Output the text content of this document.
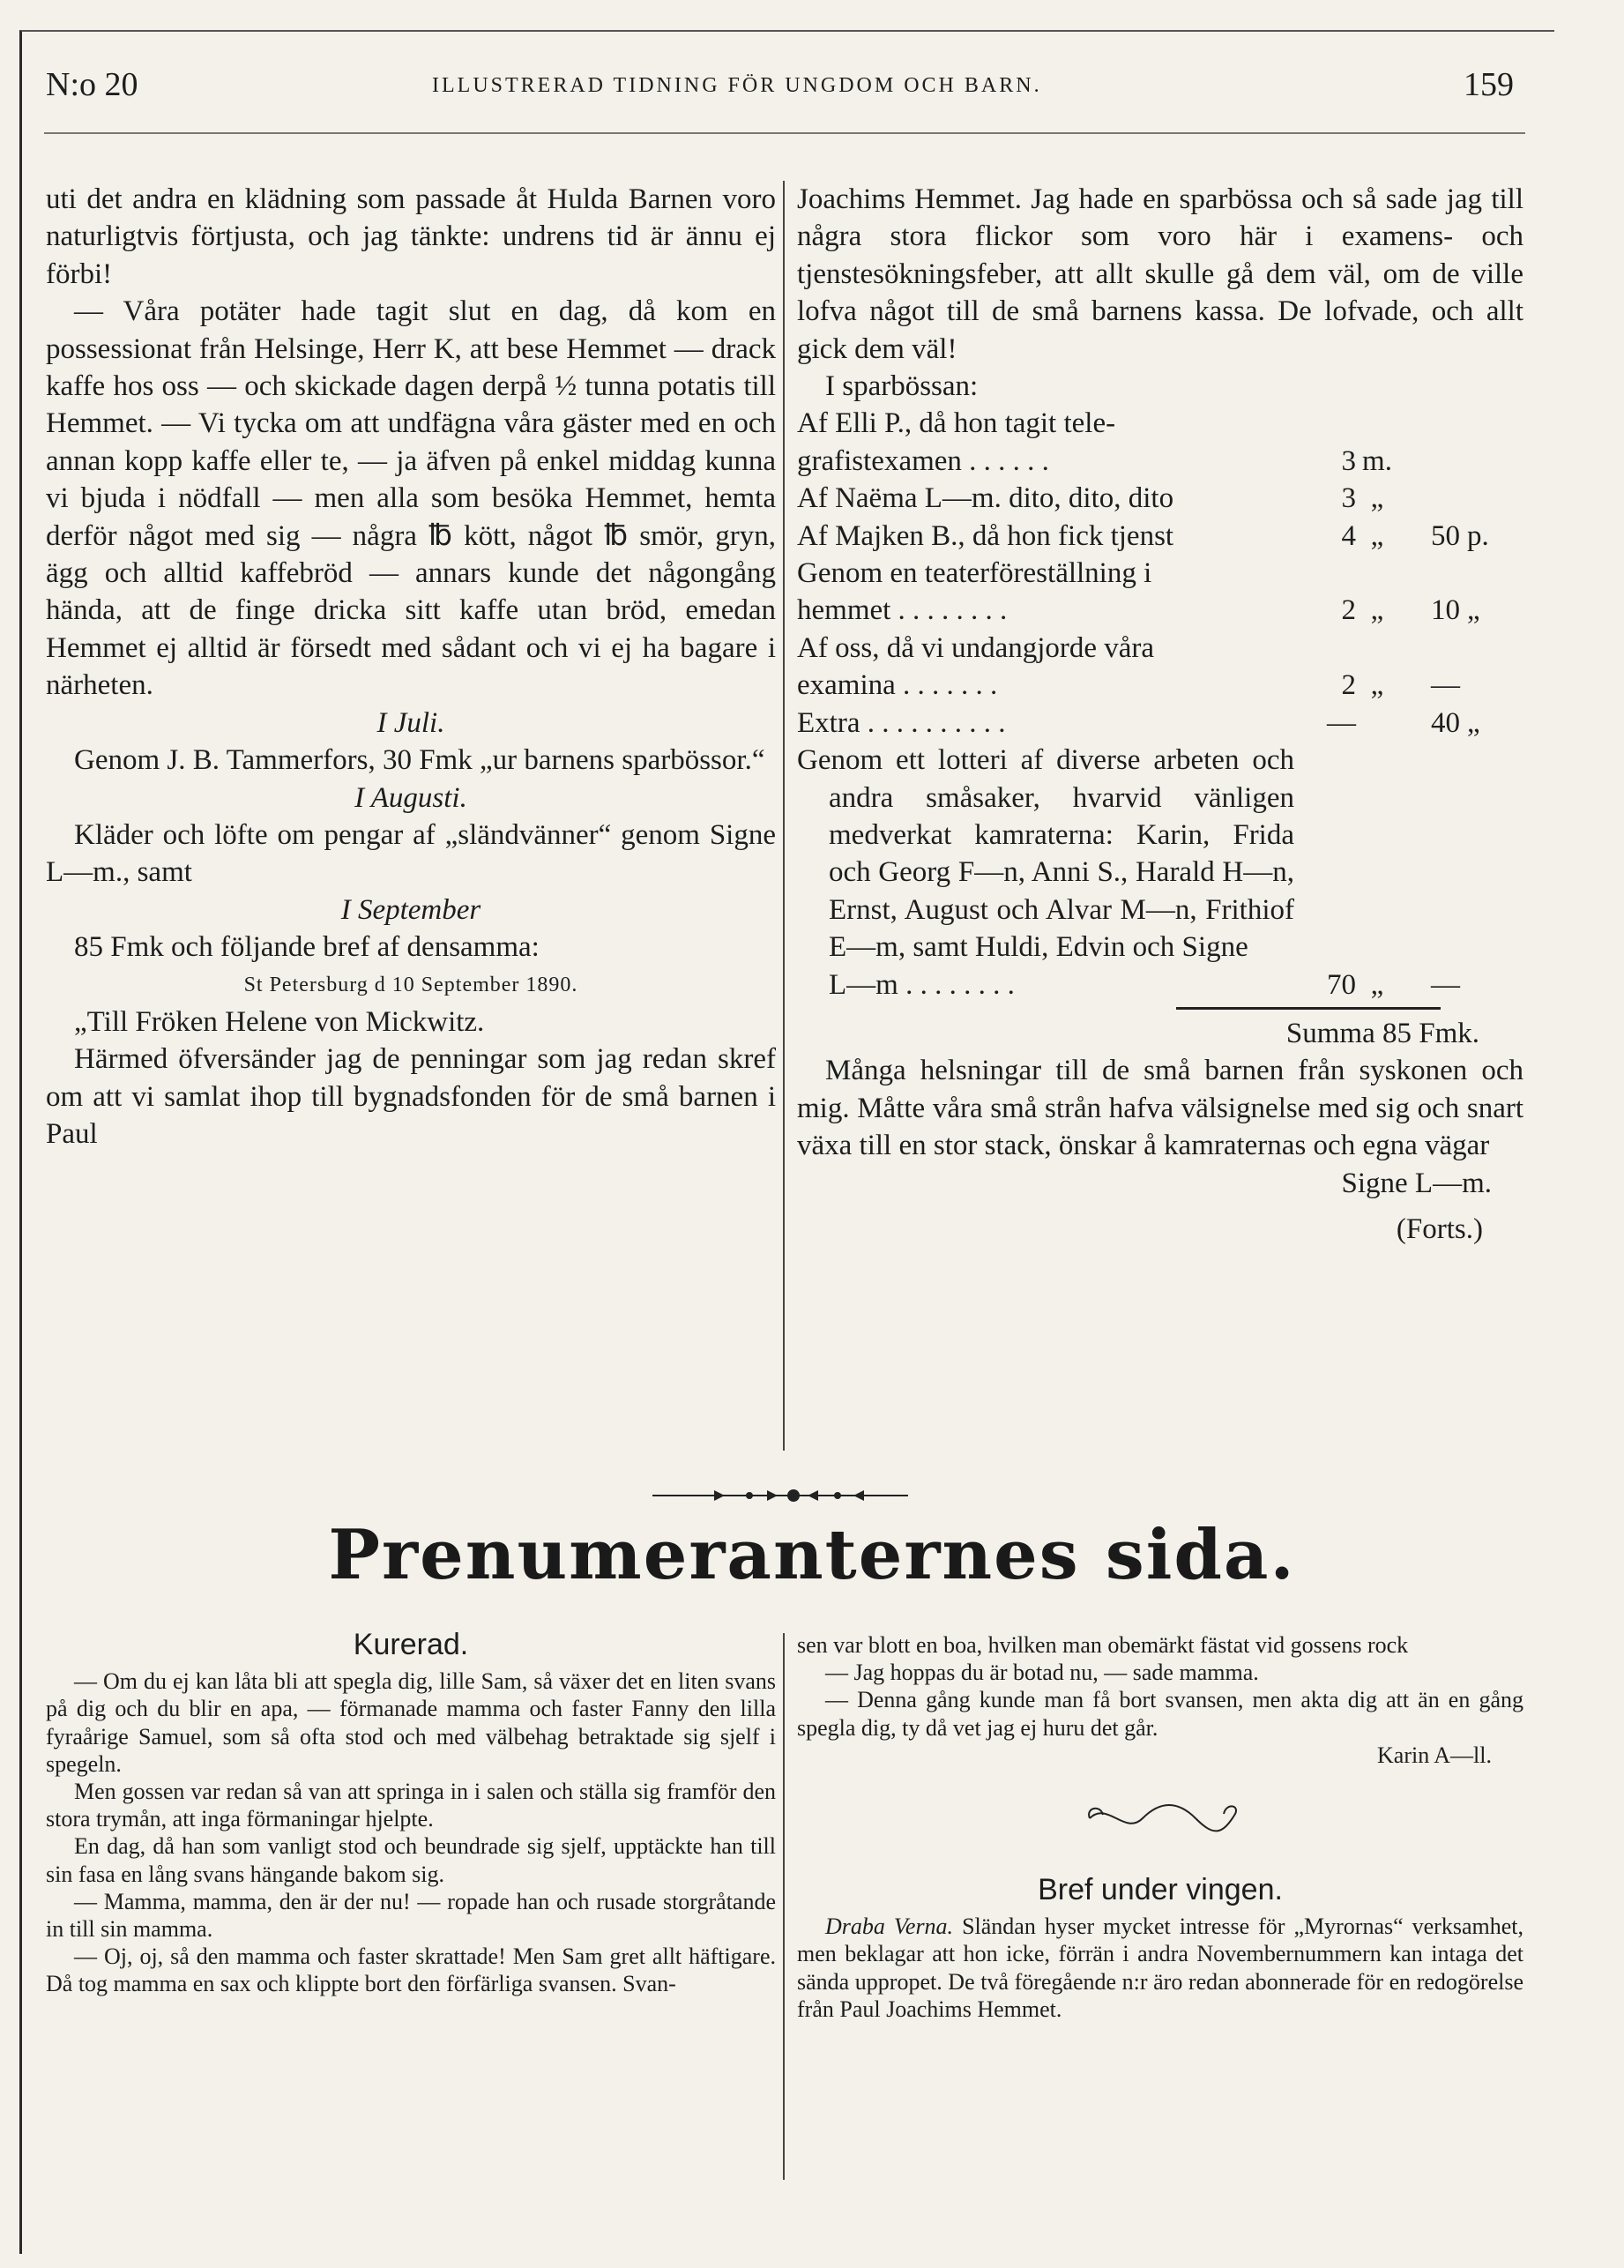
N:o 20	ILLUSTRERAD TIDNING FÖR UNGDOM OCH BARN.	159

uti det andra en klädning som passade åt Hulda Barnen voro naturligtvis förtjusta, och jag tänkte: undrens tid är ännu ej förbi!

— Våra potäter hade tagit slut en dag, då kom en possessionat från Helsinge, Herr K, att bese Hemmet — drack kaffe hos oss — och skickade dagen derpå ½ tunna potatis till Hemmet. — Vi tycka om att undfägna våra gäster med en och annan kopp kaffe eller te, — ja äfven på enkel middag kunna vi bjuda i nödfall — men alla som besöka Hemmet, hemta derför något med sig — några ℔ kött, något ℔ smör, gryn, ägg och alltid kaffebröd — annars kunde det någongång hända, att de finge dricka sitt kaffe utan bröd, emedan Hemmet ej alltid är försedt med sådant och vi ej ha bagare i närheten.

I Juli.

Genom J. B. Tammerfors, 30 Fmk „ur barnens sparbössor.“

I Augusti.

Kläder och löfte om pengar af „sländvänner“ genom Signe L—m., samt

I September

85 Fmk och följande bref af densamma:

St Petersburg d 10 September 1890.

„Till Fröken Helene von Mickwitz.

Härmed öfversänder jag de penningar som jag redan skref om att vi samlat ihop till bygnadsfonden för de små barnen i Paul

Joachims Hemmet. Jag hade en sparbössa och så sade jag till några stora flickor som voro här i examens- och tjenstesökningsfeber, att allt skulle gå dem väl, om de ville lofva något till de små barnens kassa. De lofvade, och allt gick dem väl!

I sparbössan:

Af Elli P., då hon tagit tele-

grafistexamen . . . . . .	3 m.
Af Naëma L—m. dito, dito, dito	3 „
Af Majken B., då hon fick tjenst	4 „	50 p.

Genom en teaterföreställning i

hemmet . . . . . . . .	2 „	10 „

Af oss, då vi undangjorde våra

examina . . . . . . .	2 „	—
Extra . . . . . . . . . .	—	40 „

Genom ett lotteri af diverse arbeten och andra småsaker, hvarvid vänligen medverkat kamraterna: Karin, Frida och Georg F—n, Anni S., Harald H—n, Ernst, August och Alvar M—n, Frithiof E—m, samt Huldi, Edvin och Signe

L—m . . . . . . . .	70 „	—

Summa 85 Fmk.

Många helsningar till de små barnen från syskonen och mig. Måtte våra små strån hafva välsignelse med sig och snart växa till en stor stack, önskar å kamraternas och egna vägar

Signe L—m.

(Forts.)

Prenumeranternes sida.

Kurerad.

— Om du ej kan låta bli att spegla dig, lille Sam, så växer det en liten svans på dig och du blir en apa, — förmanade mamma och faster Fanny den lilla fyraårige Samuel, som så ofta stod och med välbehag betraktade sig sjelf i spegeln.

Men gossen var redan så van att springa in i salen och ställa sig framför den stora trymån, att inga förmaningar hjelpte.

En dag, då han som vanligt stod och beundrade sig sjelf, upptäckte han till sin fasa en lång svans hängande bakom sig.

— Mamma, mamma, den är der nu! — ropade han och rusade storgråtande in till sin mamma.

— Oj, oj, så den mamma och faster skrattade! Men Sam gret allt häftigare. Då tog mamma en sax och klippte bort den förfärliga svansen. Svan-

sen var blott en boa, hvilken man obemärkt fästat vid gossens rock

— Jag hoppas du är botad nu, — sade mamma.

— Denna gång kunde man få bort svansen, men akta dig att än en gång spegla dig, ty då vet jag ej huru det går.

Karin A—ll.

Bref under vingen.

Draba Verna. Sländan hyser mycket intresse för „Myrornas“ verksamhet, men beklagar att hon icke, förrän i andra Novembernummern kan intaga det sända uppropet. De två föregående n:r äro redan abonnerade för en redogörelse från Paul Joachims Hemmet.
